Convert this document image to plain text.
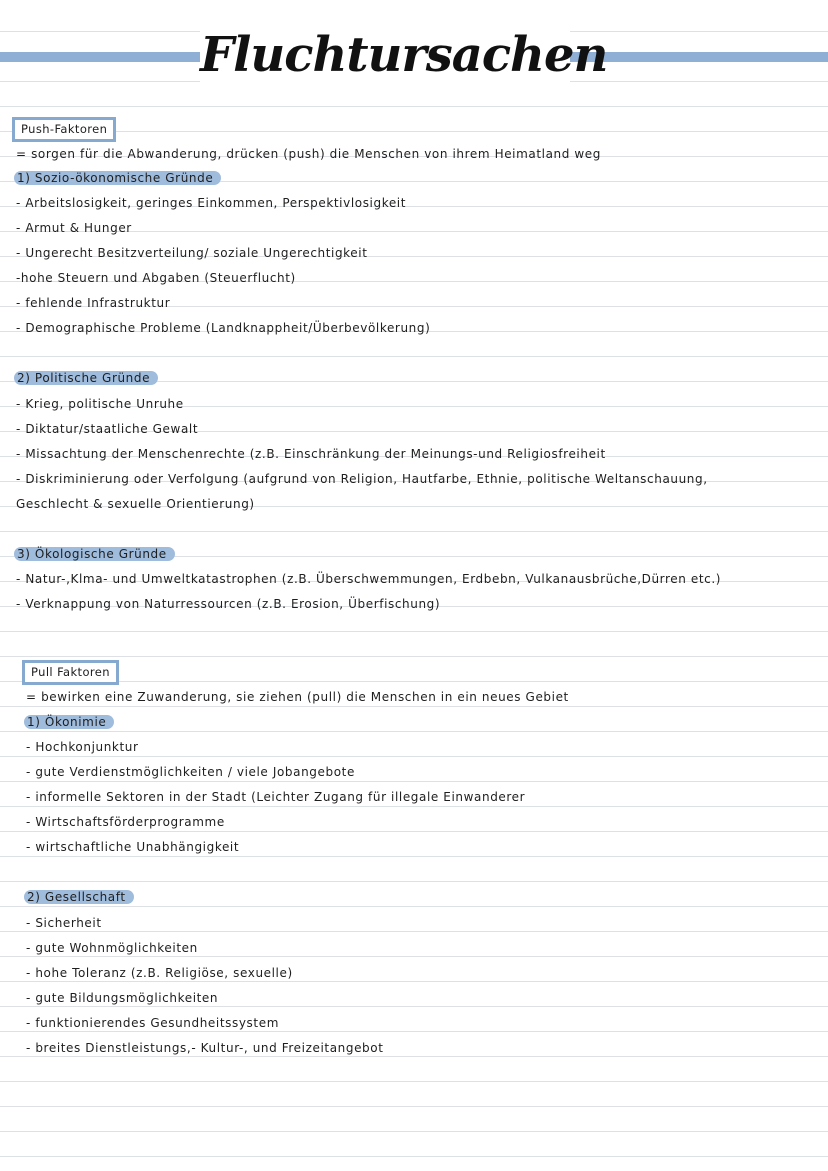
Fluchtursachen
Push-Faktoren
= sorgen für die Abwanderung, drücken (push) die Menschen von ihrem Heimatland weg
1) Sozio-ökonomische Gründe
- Arbeitslosigkeit, geringes Einkommen, Perspektivlosigkeit
- Armut & Hunger
- Ungerecht Besitzverteilung/ soziale Ungerechtigkeit
-hohe Steuern und Abgaben (Steuerflucht)
- fehlende Infrastruktur
- Demographische Probleme (Landknappheit/Überbevölkerung)
2) Politische Gründe
- Krieg, politische Unruhe
- Diktatur/staatliche Gewalt
- Missachtung der Menschenrechte (z.B. Einschränkung der Meinungs-und Religiosfreiheit
- Diskriminierung oder Verfolgung (aufgrund von Religion, Hautfarbe, Ethnie, politische Weltanschauung,
Geschlecht & sexuelle Orientierung)
3) Ökologische Gründe
- Natur-,Klma- und Umweltkatastrophen (z.B. Überschwemmungen, Erdbebn, Vulkanausbrüche,Dürren etc.)
- Verknappung von Naturressourcen (z.B. Erosion, Überfischung)
Pull Faktoren
= bewirken eine Zuwanderung, sie ziehen (pull) die Menschen in ein neues Gebiet
1) Ökonimie
- Hochkonjunktur
- gute Verdienstmöglichkeiten / viele Jobangebote
- informelle Sektoren in der Stadt (Leichter Zugang für illegale Einwanderer
- Wirtschaftsförderprogramme
- wirtschaftliche Unabhängigkeit
2) Gesellschaft
- Sicherheit
- gute Wohnmöglichkeiten
- hohe Toleranz (z.B. Religiöse, sexuelle)
- gute Bildungsmöglichkeiten
- funktionierendes Gesundheitssystem
- breites Dienstleistungs,- Kultur-, und Freizeitangebot
